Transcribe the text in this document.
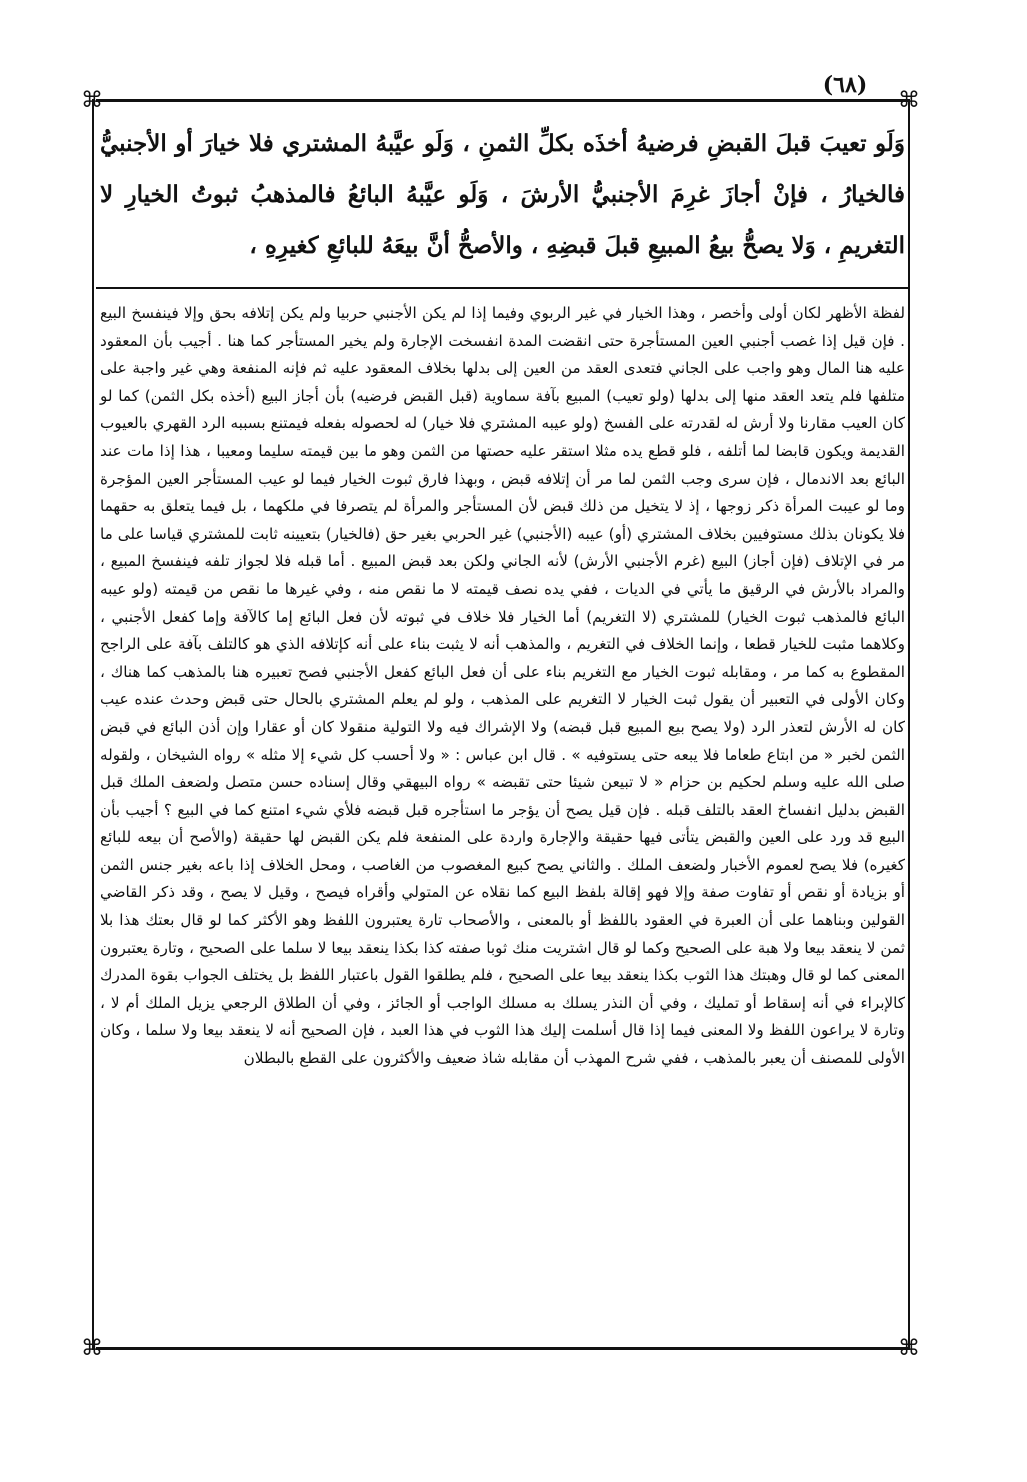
(٦٨)
⌘	⌘
⌘	⌘
وَلَو تعيبَ قبلَ القبضِ فرضيهُ أخذَه بكلِّ الثمنِ ، وَلَو عيَّبهُ المشتري فلا خيارَ أو الأجنبيُّ فالخيارُ ، فإنْ أجازَ غرِمَ الأجنبيُّ الأرشَ ، وَلَو عيَّبهُ البائعُ فالمذهبُ ثبوتُ الخيارِ لا التغريمِ ، وَلا يصحُّ بيعُ المبيعِ قبلَ قبضِهِ ، والأصحُّ أنَّ بيعَهُ للبائعِ كغيرِهِ ،
لفظة الأظهر لكان أولى وأخصر ، وهذا الخيار في غير الربوي وفيما إذا لم يكن الأجنبي حربيا ولم يكن إتلافه بحق وإلا فينفسخ البيع . فإن قيل إذا غصب أجنبي العين المستأجرة حتى انقضت المدة انفسخت الإجارة ولم يخير المستأجر كما هنا . أجيب بأن المعقود عليه هنا المال وهو واجب على الجاني فتعدى العقد من العين إلى بدلها بخلاف المعقود عليه ثم فإنه المنفعة وهي غير واجبة على متلفها فلم يتعد العقد منها إلى بدلها (ولو تعيب) المبيع بآفة سماوية (قبل القبض فرضيه) بأن أجاز البيع (أخذه بكل الثمن) كما لو كان العيب مقارنا ولا أرش له لقدرته على الفسخ (ولو عيبه المشتري فلا خيار) له لحصوله بفعله فيمتنع بسببه الرد القهري بالعيوب القديمة ويكون قابضا لما أتلفه ، فلو قطع يده مثلا استقر عليه حصتها من الثمن وهو ما بين قيمته سليما ومعيبا ، هذا إذا مات عند البائع بعد الاندمال ، فإن سرى وجب الثمن لما مر أن إتلافه قبض ، وبهذا فارق ثبوت الخيار فيما لو عيب المستأجر العين المؤجرة وما لو عيبت المرأة ذكر زوجها ، إذ لا يتخيل من ذلك قبض لأن المستأجر والمرأة لم يتصرفا في ملكهما ، بل فيما يتعلق به حقهما فلا يكونان بذلك مستوفيين بخلاف المشتري (أو) عيبه (الأجنبي) غير الحربي بغير حق (فالخيار) بتعيينه ثابت للمشتري قياسا على ما مر في الإتلاف (فإن أجاز) البيع (غرم الأجنبي الأرش) لأنه الجاني ولكن بعد قبض المبيع . أما قبله فلا لجواز تلفه فينفسخ المبيع ، والمراد بالأرش في الرقيق ما يأتي في الديات ، ففي يده نصف قيمته لا ما نقص منه ، وفي غيرها ما نقص من قيمته (ولو عيبه البائع فالمذهب ثبوت الخيار) للمشتري (لا التغريم) أما الخيار فلا خلاف في ثبوته لأن فعل البائع إما كالآفة وإما كفعل الأجنبي ، وكلاهما مثبت للخيار قطعا ، وإنما الخلاف في التغريم ، والمذهب أنه لا يثبت بناء على أنه كإتلافه الذي هو كالتلف بآفة على الراجح المقطوع به كما مر ، ومقابله ثبوت الخيار مع التغريم بناء على أن فعل البائع كفعل الأجنبي فصح تعبيره هنا بالمذهب كما هناك ، وكان الأولى في التعبير أن يقول ثبت الخيار لا التغريم على المذهب ، ولو لم يعلم المشتري بالحال حتى قبض وحدث عنده عيب كان له الأرش لتعذر الرد (ولا يصح بيع المبيع قبل قبضه) ولا الإشراك فيه ولا التولية منقولا كان أو عقارا وإن أذن البائع في قبض الثمن لخبر « من ابتاع طعاما فلا يبعه حتى يستوفيه » . قال ابن عباس : « ولا أحسب كل شيء إلا مثله » رواه الشيخان ، ولقوله صلى الله عليه وسلم لحكيم بن حزام « لا تبيعن شيئا حتى تقبضه » رواه البيهقي وقال إسناده حسن متصل ولضعف الملك قبل القبض بدليل انفساخ العقد بالتلف قبله . فإن قيل يصح أن يؤجر ما استأجره قبل قبضه فلأي شيء امتنع كما في البيع ؟ أجيب بأن البيع قد ورد على العين والقبض يتأتى فيها حقيقة والإجارة واردة على المنفعة فلم يكن القبض لها حقيقة (والأصح أن بيعه للبائع كغيره) فلا يصح لعموم الأخبار ولضعف الملك . والثاني يصح كبيع المغصوب من الغاصب ، ومحل الخلاف إذا باعه بغير جنس الثمن أو بزيادة أو نقص أو تفاوت صفة وإلا فهو إقالة بلفظ البيع كما نقلاه عن المتولي وأقراه فيصح ، وقيل لا يصح ، وقد ذكر القاضي القولين وبناهما على أن العبرة في العقود باللفظ أو بالمعنى ، والأصحاب تارة يعتبرون اللفظ وهو الأكثر كما لو قال بعتك هذا بلا ثمن لا ينعقد بيعا ولا هبة على الصحيح وكما لو قال اشتريت منك ثوبا صفته كذا بكذا ينعقد بيعا لا سلما على الصحيح ، وتارة يعتبرون المعنى كما لو قال وهبتك هذا الثوب بكذا ينعقد بيعا على الصحيح ، فلم يطلقوا القول باعتبار اللفظ بل يختلف الجواب بقوة المدرك كالإبراء في أنه إسقاط أو تمليك ، وفي أن النذر يسلك به مسلك الواجب أو الجائز ، وفي أن الطلاق الرجعي يزيل الملك أم لا ، وتارة لا يراعون اللفظ ولا المعنى فيما إذا قال أسلمت إليك هذا الثوب في هذا العبد ، فإن الصحيح أنه لا ينعقد بيعا ولا سلما ، وكان الأولى للمصنف أن يعبر بالمذهب ، ففي شرح المهذب أن مقابله شاذ ضعيف والأكثرون على القطع بالبطلان
